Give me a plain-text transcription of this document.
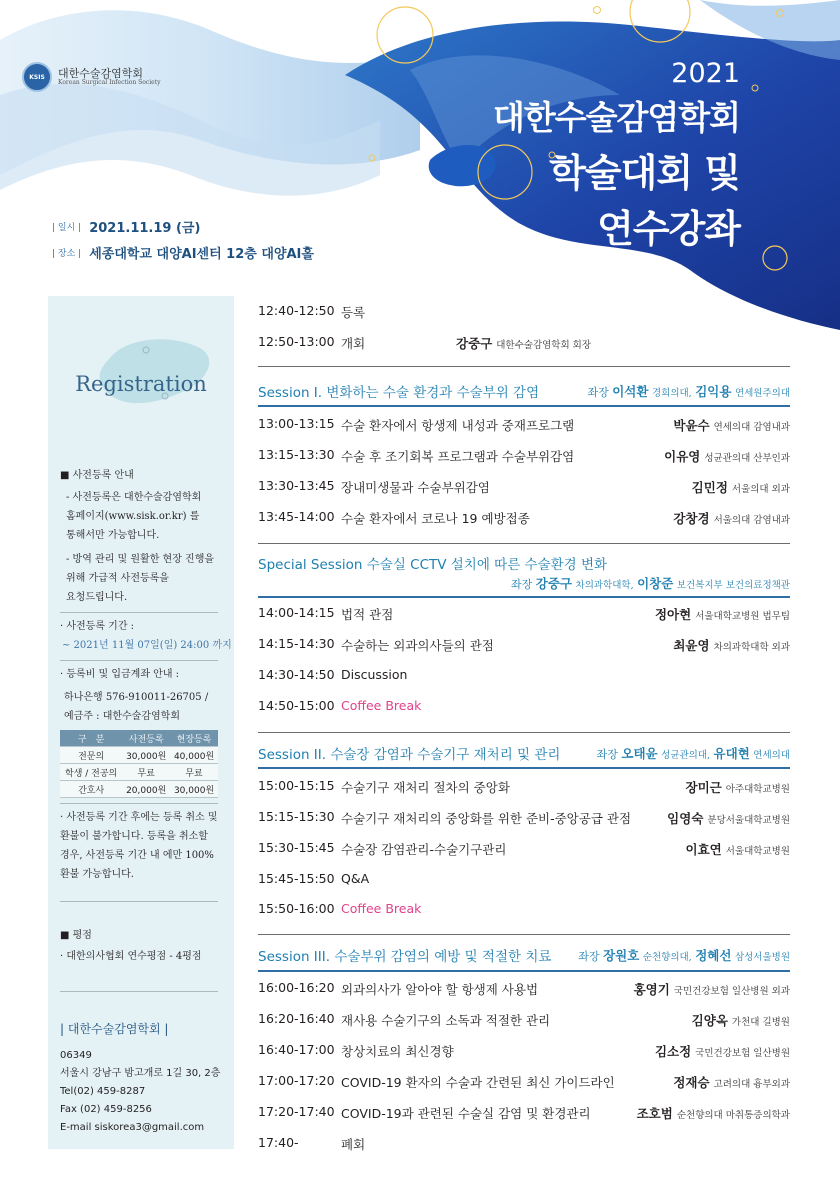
KSIS	대한수술감염학회
Korean Surgical Infection Society	2021
대한수술감염학회
학술대회 및
연수강좌
| 일시 | 2021.11.19 (금)
| 장소 | 세종대학교 대양AI센터 12층 대양AI홀
Registration
■ 사전등록 안내
- 사전등록은 대한수술감염학회
홈페이지(www.sisk.or.kr) 를
통해서만 가능합니다.
- 방역 관리 및 원활한 현장 진행을
위해 가급적 사전등록을
요청드립니다.
· 사전등록 기간 :
~ 2021년 11월 07일(일) 24:00 까지
· 등록비 및 입금계좌 안내 :
하나은행 576-910011-26705 /
예금주 : 대한수술감염학회
구　분	사전등록	현장등록
전문의	30,000원	40,000원
학생 / 전공의	무료	무료
간호사	20,000원	30,000원
· 사전등록 기간 후에는 등록 취소 및
환불이 불가합니다. 등록을 취소할
경우, 사전등록 기간 내 에만 100%
환불 가능합니다.
■ 평점
· 대한의사협회 연수평점 - 4평점
| 대한수술감염학회 |
06349
서울시 강남구 밤고개로 1길 30, 2층
Tel(02) 459-8287
Fax (02) 459-8256
E-mail siskorea3@gmail.com
12:40-12:50 등록
12:50-13:00 개회	강중구 대한수술감염학회 회장
Session I. 변화하는 수술 환경과 수술부위 감염	좌장 이석환 경희의대, 김익용 연세원주의대
13:00-13:15 수술 환자에서 항생제 내성과 중재프로그램	박윤수 연세의대 감염내과
13:15-13:30 수술 후 조기회복 프로그램과 수술부위감염	이유영 성균관의대 산부인과
13:30-13:45 장내미생물과 수술부위감염	김민정 서울의대 외과
13:45-14:00 수술 환자에서 코로나 19 예방접종	강창경 서울의대 감염내과
Special Session 수술실 CCTV 설치에 따른 수술환경 변화
좌장 강중구 차의과학대학, 이창준 보건복지부 보건의료정책관
14:00-14:15 법적 관점	정아현 서울대학교병원 법무팀
14:15-14:30 수술하는 외과의사들의 관점	최윤영 차의과학대학 외과
14:30-14:50 Discussion
14:50-15:00 Coffee Break
Session II. 수술장 감염과 수술기구 재처리 및 관리	좌장 오태윤 성균관의대, 유대현 연세의대
15:00-15:15 수술기구 재처리 절차의 중앙화	장미근 아주대학교병원
15:15-15:30 수술기구 재처리의 중앙화를 위한 준비-중앙공급 관점	임영숙 분당서울대학교병원
15:30-15:45 수술장 감염관리-수술기구관리	이효연 서울대학교병원
15:45-15:50 Q&A
15:50-16:00 Coffee Break
Session III. 수술부위 감염의 예방 및 적절한 치료 좌장 장원호 순천향의대, 정혜선 삼성서울병원
16:00-16:20 외과의사가 알아야 할 항생제 사용법	홍영기 국민건강보험 일산병원 외과
16:20-16:40 재사용 수술기구의 소독과 적절한 관리	김양옥 가천대 길병원
16:40-17:00 창상치료의 최신경향	김소정 국민건강보험 일산병원
17:00-17:20 COVID-19 환자의 수술과 간련된 최신 가이드라인	정재승 고려의대 흉부외과
17:20-17:40 COVID-19과 관련된 수술실 감염 및 환경관리	조호범 순천향의대 마취통증의학과
17:40-	폐회
